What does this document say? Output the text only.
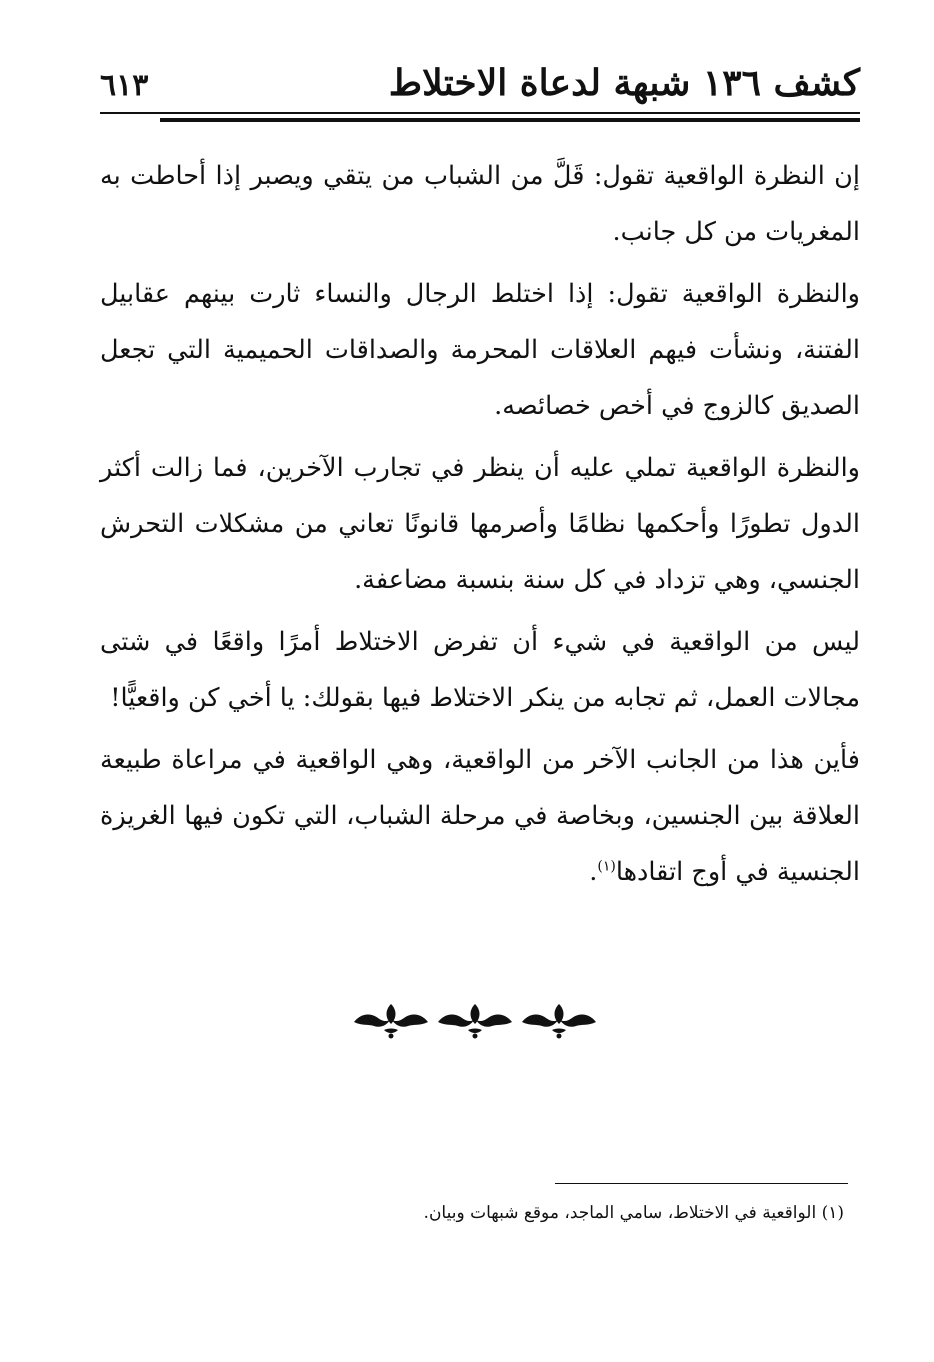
كشف ١٣٦ شبهة لدعاة الاختلاط
٦١٣

إن النظرة الواقعية تقول: قَلَّ من الشباب من يتقي ويصبر إذا أحاطت به المغريات من كل جانب.

والنظرة الواقعية تقول: إذا اختلط الرجال والنساء ثارت بينهم عقابيل الفتنة، ونشأت فيهم العلاقات المحرمة والصداقات الحميمية التي تجعل الصديق كالزوج في أخص خصائصه.

والنظرة الواقعية تملي عليه أن ينظر في تجارب الآخرين، فما زالت أكثر الدول تطورًا وأحكمها نظامًا وأصرمها قانونًا تعاني من مشكلات التحرش الجنسي، وهي تزداد في كل سنة بنسبة مضاعفة.

ليس من الواقعية في شيء أن تفرض الاختلاط أمرًا واقعًا في شتى مجالات العمل، ثم تجابه من ينكر الاختلاط فيها بقولك: يا أخي كن واقعيًّا!

فأين هذا من الجانب الآخر من الواقعية، وهي الواقعية في مراعاة طبيعة العلاقة بين الجنسين، وبخاصة في مرحلة الشباب، التي تكون فيها الغريزة الجنسية في أوج اتقادها$^{(١)}$.

(١) الواقعية في الاختلاط، سامي الماجد، موقع شبهات وبيان.
